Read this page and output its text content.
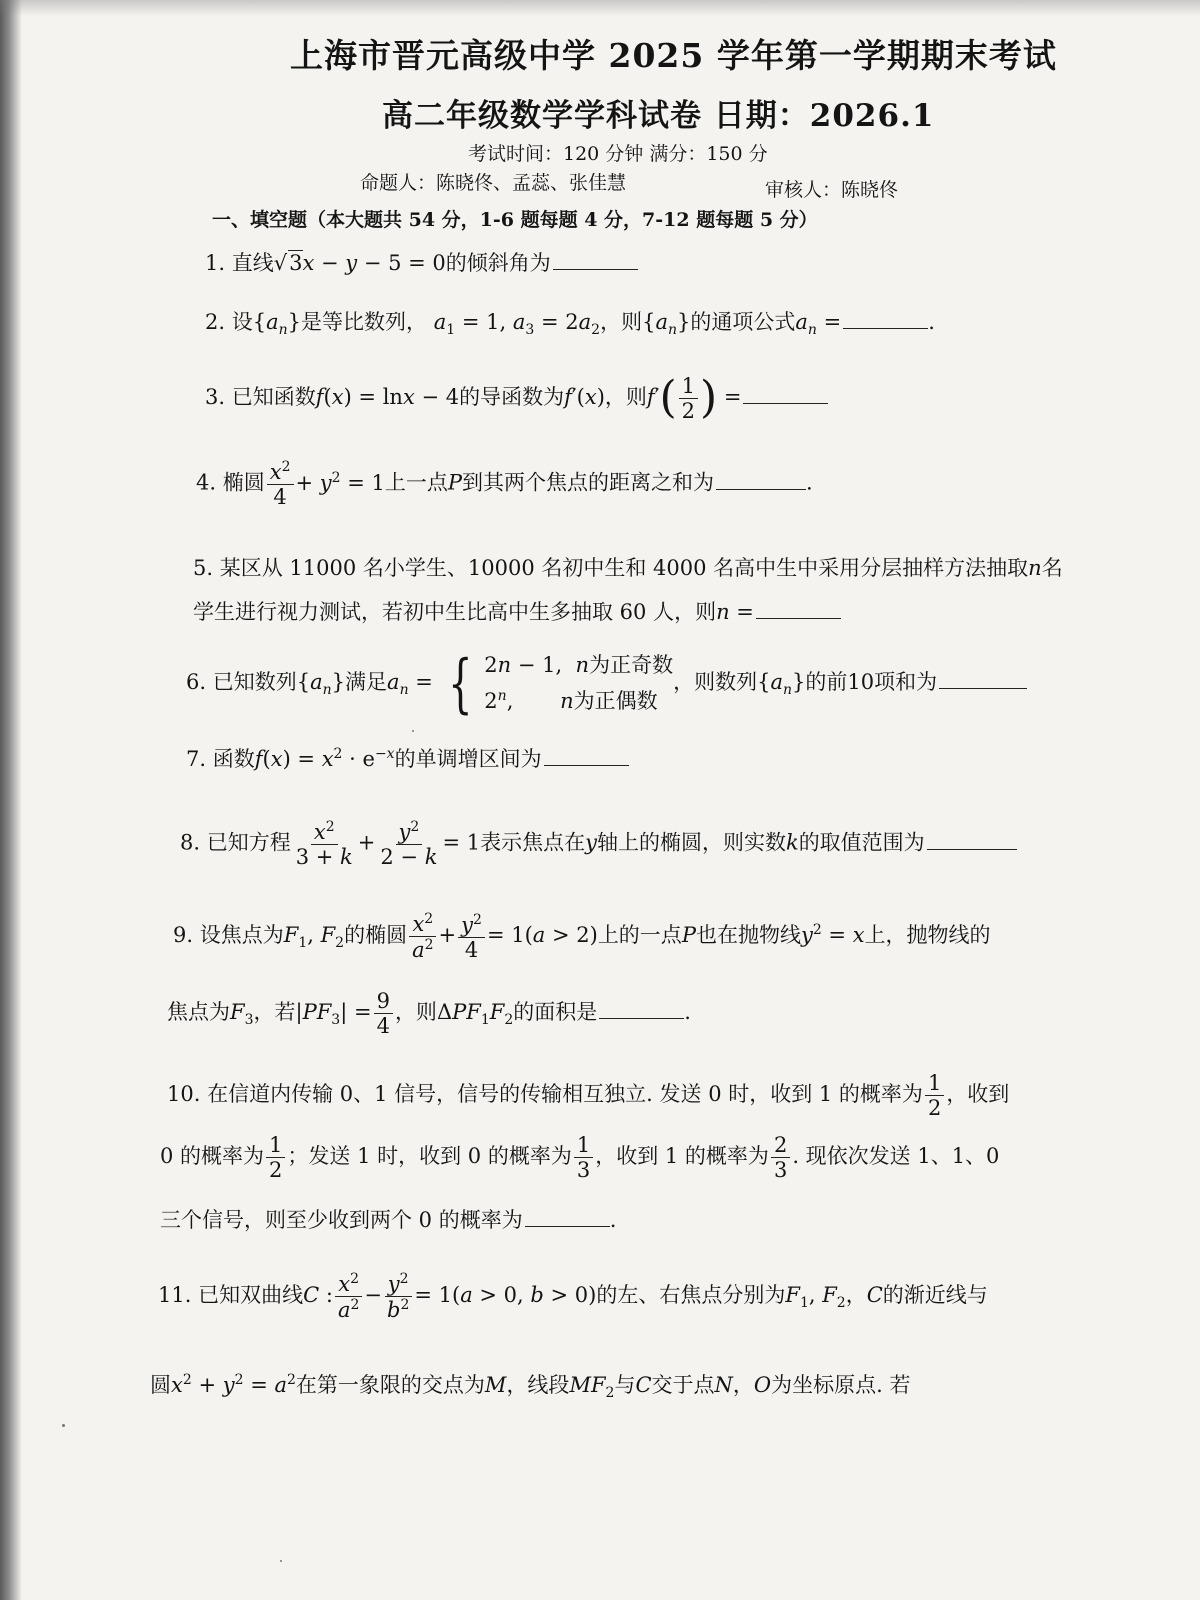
上海市晋元高级中学 2025 学年第一学期期末考试
高二年级数学学科试卷 日期：2026.1
考试时间：120 分钟 满分：150 分
命题人：陈晓佟、孟蕊、张佳慧	审核人：陈晓佟
一、填空题（本大题共 54 分，1-6 题每题 4 分，7-12 题每题 5 分）
1. 直线√3x − y − 5 = 0的倾斜角为
2. 设$\{a_n\}$是等比数列， $a_1 = 1$, $a_3 = 2a_2$，则$\{a_n\}$的通项公式$a_n$ =	.
3. 已知函数f(x) = lnx − 4的导函数为f′(x)，则$f'( \frac{1}{2}$ ) =
4. 椭圆 $\frac{x^2}{4} + y^2 = 1$上一点P到其两个焦点的距离之和为	.
5. 某区从 11000 名小学生、10000 名初中生和 4000 名高中生中采用分层抽样方法抽取n名
学生进行视力测试，若初中生比高中生多抽取 60 人，则n =
6. 已知数列$\{a_n\}$满足$a_n$ = { 2n − 1,  n为正奇数
2$^n$,       n为正偶数
，则数列$\{a_n\}$的前10项和为
7. 函数$f(x) = x^2 \cdot e^{-x}$的单调增区间为
8. 已知方程 $\frac{x^2}{3 + k} + \frac{y^2}{2 - k} = 1$表示焦点在y轴上的椭圆，则实数k的取值范围为
9. 设焦点为$F_1$, $F_2$的椭圆 $\frac{x^2}{a^2} + \frac{y^2}{4} = 1(a > 2)$上的一点P也在抛物线$y^2 = x$上，抛物线的
焦点为$F_3$，若$|PF_3| = \frac{9}{4}$ ，则$\Delta PF_1F_2$的面积是	.
10. 在信道内传输 0、1 信号，信号的传输相互独立. 发送 0 时，收到 1 的概率为 $\frac{1}{2}$ ，收到
0 的概率为 $\frac{1}{2}$ ；发送 1 时，收到 0 的概率为 $\frac{1}{3}$ ，收到 1 的概率为 $\frac{2}{3}$ . 现依次发送 1、1、0
三个信号，则至少收到两个 0 的概率为	.
11. 已知双曲线C : $\frac{x^2}{a^2} - \frac{y^2}{b^2} = 1(a > 0$, b > 0)的左、右焦点分别为$F_1$, $F_2$，C的渐近线与
圆$x^2 + y^2 = a^2$在第一象限的交点为M，线段$MF_2$与C交于点N，O为坐标原点. 若
